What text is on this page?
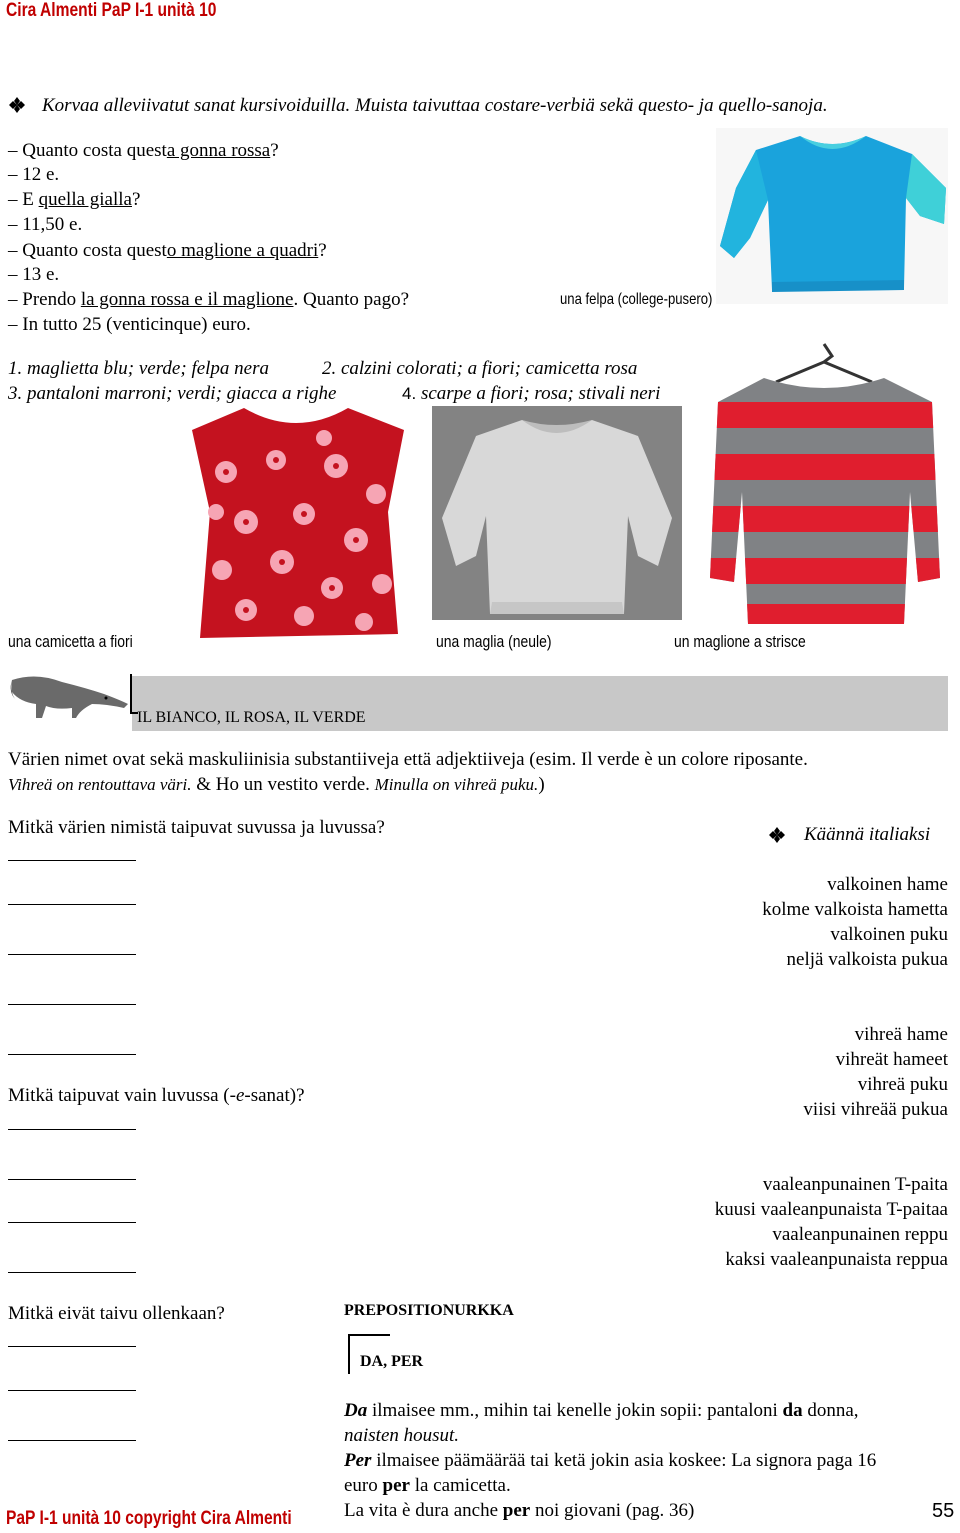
Cira Almenti PaP I-1 unità 10
Korvaa alleviivatut sanat kursivoiduilla. Muista taivuttaa costare-verbiä sekä questo- ja quello-sanoja.
– Quanto costa questa gonna rossa?
– 12 e.
– E quella gialla?
– 11,50 e.
– Quanto costa questo maglione a quadri?
– 13 e.
– Prendo la gonna rossa e il maglione. Quanto pago?
– In tutto 25 (venticinque) euro.
una felpa (college-pusero)
1. maglietta blu; verde; felpa nera	2. calzini colorati; a fiori; camicetta rosa
3. pantaloni marroni; verdi; giacca a righe	4. scarpe a fiori; rosa; stivali neri
una camicetta a fiori	una maglia (neule)	un maglione a strisce
IL BIANCO, IL ROSA, IL VERDE
Värien nimet ovat sekä maskuliinisia substantiiveja että adjektiiveja (esim. Il verde è un colore riposante.
Vihreä on rentouttava väri. & Ho un vestito verde. Minulla on vihreä puku.)
Mitkä värien nimistä taipuvat suvussa ja luvussa?
Mitkä taipuvat vain luvussa (-e-sanat)?
Mitkä eivät taivu ollenkaan?
Käännä italiaksi
valkoinen hame
kolme valkoista hametta
valkoinen puku
neljä valkoista pukua
vihreä hame
vihreät hameet
vihreä puku
viisi vihreää pukua
vaaleanpunainen T-paita
kuusi vaaleanpunaista T-paitaa
vaaleanpunainen reppu
kaksi vaaleanpunaista reppua
PREPOSITIONURKKA
DA, PER
Da ilmaisee mm., mihin tai kenelle jokin sopii: pantaloni da donna,
naisten housut.
Per ilmaisee päämäärää tai ketä jokin asia koskee: La signora paga 16
euro per la camicetta.
La vita è dura anche per noi giovani (pag. 36)
PaP I-1 unità 10 copyright Cira Almenti	55
